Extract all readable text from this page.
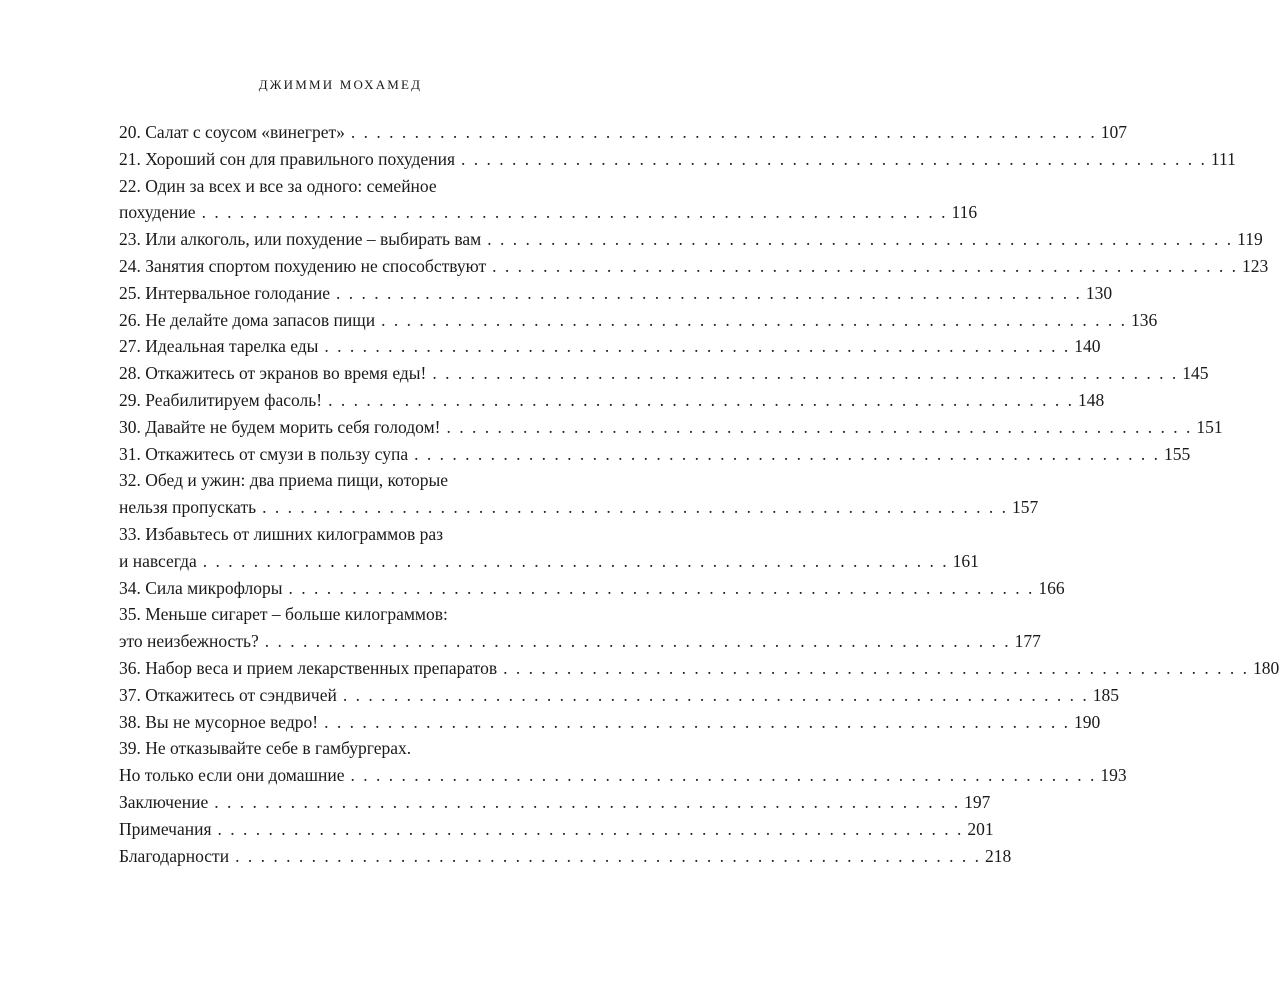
ДЖИММИ МОХАМЕД
20. Салат с соусом «винегрет» . . . . . . . . . . . . . . . . . . . . . . . . . . . . . . . . . . . . . . . . . . . . . . . . . . . . . . . . . . . 107
21. Хороший сон для правильного похудения . . . . . . . . . . . . . . . . . . . . . . . . . . . . . . . . . . . . . . . . . . . . . . . . . . . . . . . . . . . 111
22. Один за всех и все за одного: семейное
похудение . . . . . . . . . . . . . . . . . . . . . . . . . . . . . . . . . . . . . . . . . . . . . . . . . . . . . . . . . . . 116
23. Или алкоголь, или похудение – выбирать вам . . . . . . . . . . . . . . . . . . . . . . . . . . . . . . . . . . . . . . . . . . . . . . . . . . . . . . . . . . . 119
24. Занятия спортом похудению не способствуют . . . . . . . . . . . . . . . . . . . . . . . . . . . . . . . . . . . . . . . . . . . . . . . . . . . . . . . . . . . 123
25. Интервальное голодание . . . . . . . . . . . . . . . . . . . . . . . . . . . . . . . . . . . . . . . . . . . . . . . . . . . . . . . . . . . 130
26. Не делайте дома запасов пищи . . . . . . . . . . . . . . . . . . . . . . . . . . . . . . . . . . . . . . . . . . . . . . . . . . . . . . . . . . . 136
27. Идеальная тарелка еды . . . . . . . . . . . . . . . . . . . . . . . . . . . . . . . . . . . . . . . . . . . . . . . . . . . . . . . . . . . 140
28. Откажитесь от экранов во время еды! . . . . . . . . . . . . . . . . . . . . . . . . . . . . . . . . . . . . . . . . . . . . . . . . . . . . . . . . . . . 145
29. Реабилитируем фасоль! . . . . . . . . . . . . . . . . . . . . . . . . . . . . . . . . . . . . . . . . . . . . . . . . . . . . . . . . . . . 148
30. Давайте не будем морить себя голодом! . . . . . . . . . . . . . . . . . . . . . . . . . . . . . . . . . . . . . . . . . . . . . . . . . . . . . . . . . . . 151
31. Откажитесь от смузи в пользу супа . . . . . . . . . . . . . . . . . . . . . . . . . . . . . . . . . . . . . . . . . . . . . . . . . . . . . . . . . . . 155
32. Обед и ужин: два приема пищи, которые
нельзя пропускать . . . . . . . . . . . . . . . . . . . . . . . . . . . . . . . . . . . . . . . . . . . . . . . . . . . . . . . . . . . 157
33. Избавьтесь от лишних килограммов раз
и навсегда . . . . . . . . . . . . . . . . . . . . . . . . . . . . . . . . . . . . . . . . . . . . . . . . . . . . . . . . . . . 161
34. Сила микрофлоры . . . . . . . . . . . . . . . . . . . . . . . . . . . . . . . . . . . . . . . . . . . . . . . . . . . . . . . . . . . 166
35. Меньше сигарет – больше килограммов:
это неизбежность? . . . . . . . . . . . . . . . . . . . . . . . . . . . . . . . . . . . . . . . . . . . . . . . . . . . . . . . . . . . 177
36. Набор веса и прием лекарственных препаратов . . . . . . . . . . . . . . . . . . . . . . . . . . . . . . . . . . . . . . . . . . . . . . . . . . . . . . . . . . . 180
37. Откажитесь от сэндвичей . . . . . . . . . . . . . . . . . . . . . . . . . . . . . . . . . . . . . . . . . . . . . . . . . . . . . . . . . . . 185
38. Вы не мусорное ведро! . . . . . . . . . . . . . . . . . . . . . . . . . . . . . . . . . . . . . . . . . . . . . . . . . . . . . . . . . . . 190
39. Не отказывайте себе в гамбургерах.
Но только если они домашние . . . . . . . . . . . . . . . . . . . . . . . . . . . . . . . . . . . . . . . . . . . . . . . . . . . . . . . . . . . 193
Заключение . . . . . . . . . . . . . . . . . . . . . . . . . . . . . . . . . . . . . . . . . . . . . . . . . . . . . . . . . . . 197
Примечания . . . . . . . . . . . . . . . . . . . . . . . . . . . . . . . . . . . . . . . . . . . . . . . . . . . . . . . . . . . 201
Благодарности . . . . . . . . . . . . . . . . . . . . . . . . . . . . . . . . . . . . . . . . . . . . . . . . . . . . . . . . . . . 218
